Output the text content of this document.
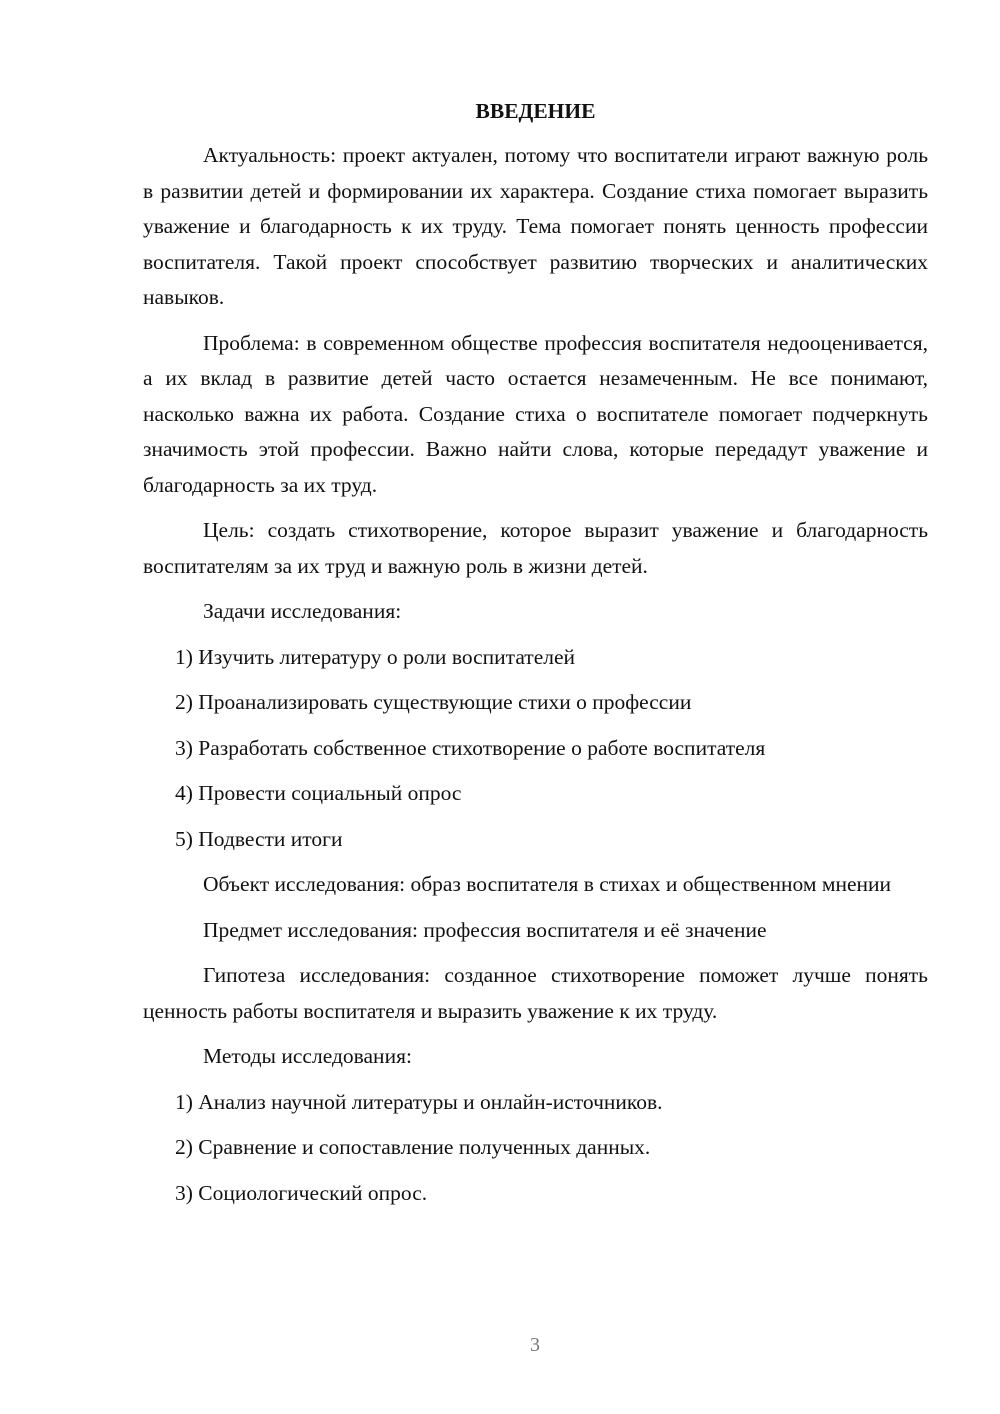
ВВЕДЕНИЕ

Актуальность: проект актуален, потому что воспитатели играют важную роль в развитии детей и формировании их характера. Создание стиха помогает выразить уважение и благодарность к их труду. Тема помогает понять ценность профессии воспитателя. Такой проект способствует развитию творческих и аналитических навыков.

Проблема: в современном обществе профессия воспитателя недооценивается, а их вклад в развитие детей часто остается незамеченным. Не все понимают, насколько важна их работа. Создание стиха о воспитателе помогает подчеркнуть значимость этой профессии. Важно найти слова, которые передадут уважение и благодарность за их труд.

Цель: создать стихотворение, которое выразит уважение и благодарность воспитателям за их труд и важную роль в жизни детей.

Задачи исследования:

1) Изучить литературу о роли воспитателей
2) Проанализировать существующие стихи о профессии
3) Разработать собственное стихотворение о работе воспитателя
4) Провести социальный опрос
5) Подвести итоги

Объект исследования: образ воспитателя в стихах и общественном мнении

Предмет исследования: профессия воспитателя и её значение

Гипотеза исследования: созданное стихотворение поможет лучше понять ценность работы воспитателя и выразить уважение к их труду.

Методы исследования:

1) Анализ научной литературы и онлайн-источников.
2) Сравнение и сопоставление полученных данных.
3) Социологический опрос.
3
